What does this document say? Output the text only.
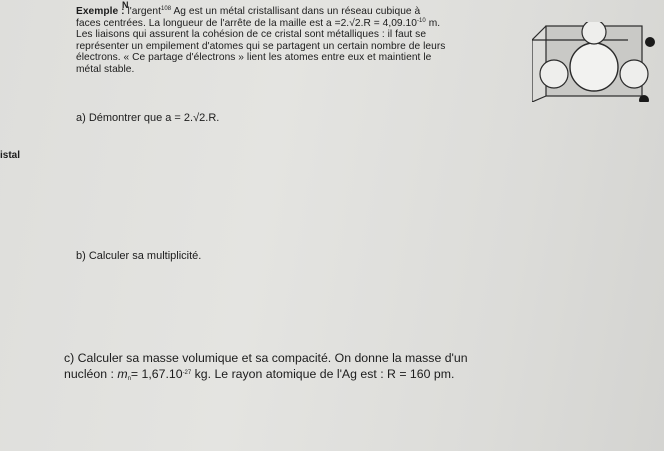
N
Exemple : l'argent$^{108}$ Ag est un métal cristallisant dans un réseau cubique à
faces centrées. La longueur de l'arrête de la maille est $a =2.√2.R = 4,09.10^{-10}$ m.
Les liaisons qui assurent la cohésion de ce cristal sont métalliques : il faut se
représenter un empilement d'atomes qui se partagent un certain nombre de leurs
électrons. « Ce partage d'électrons » lient les atomes entre eux et maintient le
métal stable.
a) Démontrer que a = 2.√2.R.
istal
b) Calculer sa multiplicité.
c) Calculer sa masse volumique et sa compacité. On donne la masse d'un
nucléon : $m_n= 1,67.10^{-27}$ kg. Le rayon atomique de l'Ag est : R = 160 pm.
